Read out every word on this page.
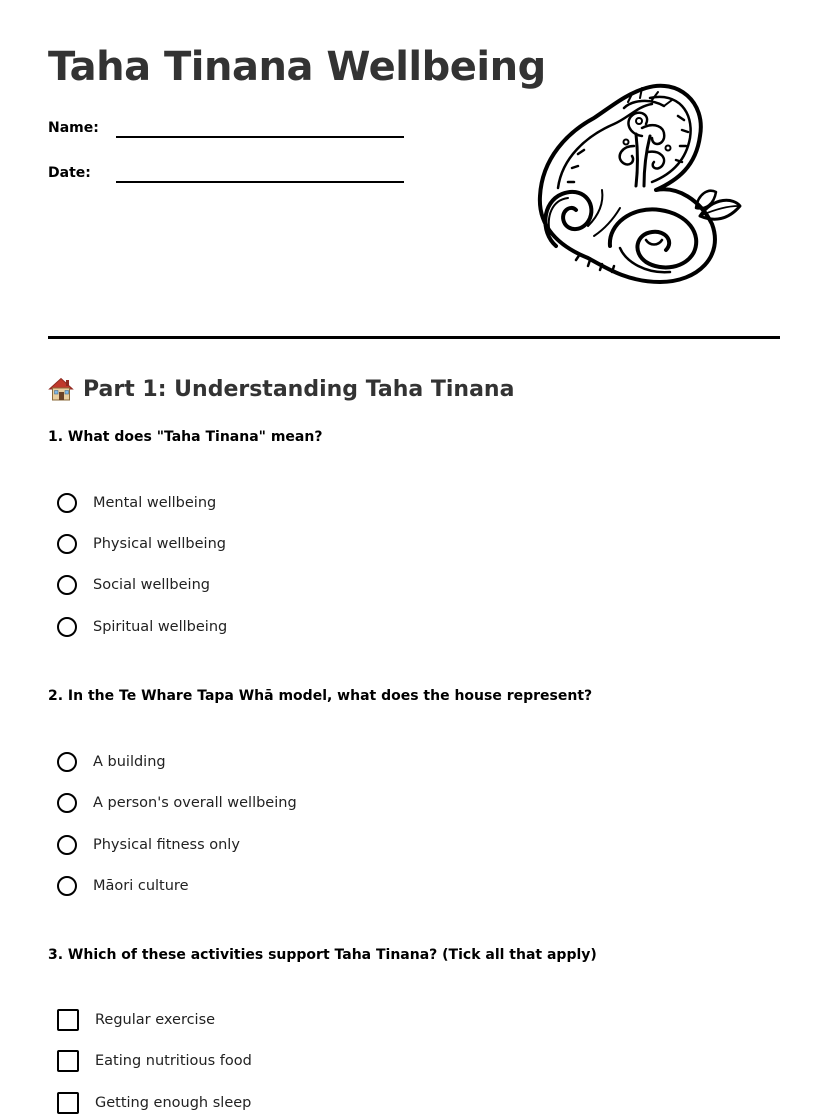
Taha Tinana Wellbeing
Name:
Date:
Part 1: Understanding Taha Tinana

1. What does "Taha Tinana" mean?

Mental wellbeing
Physical wellbeing
Social wellbeing
Spiritual wellbeing

2. In the Te Whare Tapa Whā model, what does the house represent?

A building
A person's overall wellbeing
Physical fitness only
Māori culture

3. Which of these activities support Taha Tinana? (Tick all that apply)

Regular exercise
Eating nutritious food
Getting enough sleep
